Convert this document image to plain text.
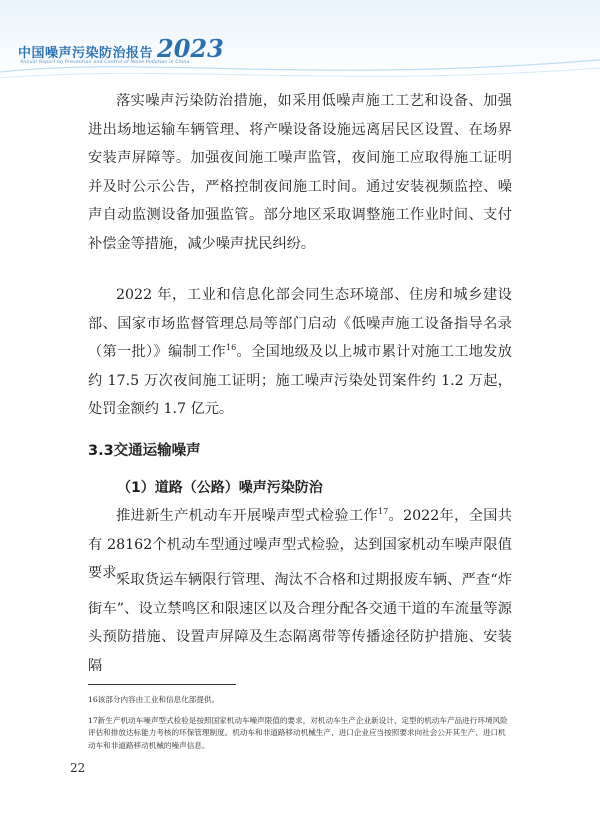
中国噪声污染防治报告 2023
Annual Report on Prevention and Control of Noise Pollution in China

落实噪声污染防治措施，如采用低噪声施工工艺和设备、加强进出场地运输车辆管理、将产噪设备设施远离居民区设置、在场界安装声屏障等。加强夜间施工噪声监管，夜间施工应取得施工证明并及时公示公告，严格控制夜间施工时间。通过安装视频监控、噪声自动监测设备加强监管。部分地区采取调整施工作业时间、支付补偿金等措施，减少噪声扰民纠纷。

2022 年，工业和信息化部会同生态环境部、住房和城乡建设部、国家市场监督管理总局等部门启动《低噪声施工设备指导名录（第一批）》编制工作$^{16}$。全国地级及以上城市累计对施工工地发放约 17.5 万次夜间施工证明；施工噪声污染处罚案件约 1.2 万起，处罚金额约 1.7 亿元。

3.3交通运输噪声
（1）道路（公路）噪声污染防治

推进新生产机动车开展噪声型式检验工作$^{17}$。2022年，全国共有 28162个机动车型通过噪声型式检验，达到国家机动车噪声限值要求。

采取货运车辆限行管理、淘汰不合格和过期报废车辆、严查“炸街车”、设立禁鸣区和限速区以及合理分配各交通干道的车流量等源头预防措施、设置声屏障及生态隔离带等传播途径防护措施、安装隔

16该部分内容由工业和信息化部提供。

17新生产机动车噪声型式检验是按照国家机动车噪声限值的要求，对机动车生产企业新设计、定型的机动车产品进行环境风险评估和排放达标能力考核的环保管理制度。机动车和非道路移动机械生产、进口企业应当按照要求向社会公开其生产、进口机动车和非道路移动机械的噪声信息。

22
